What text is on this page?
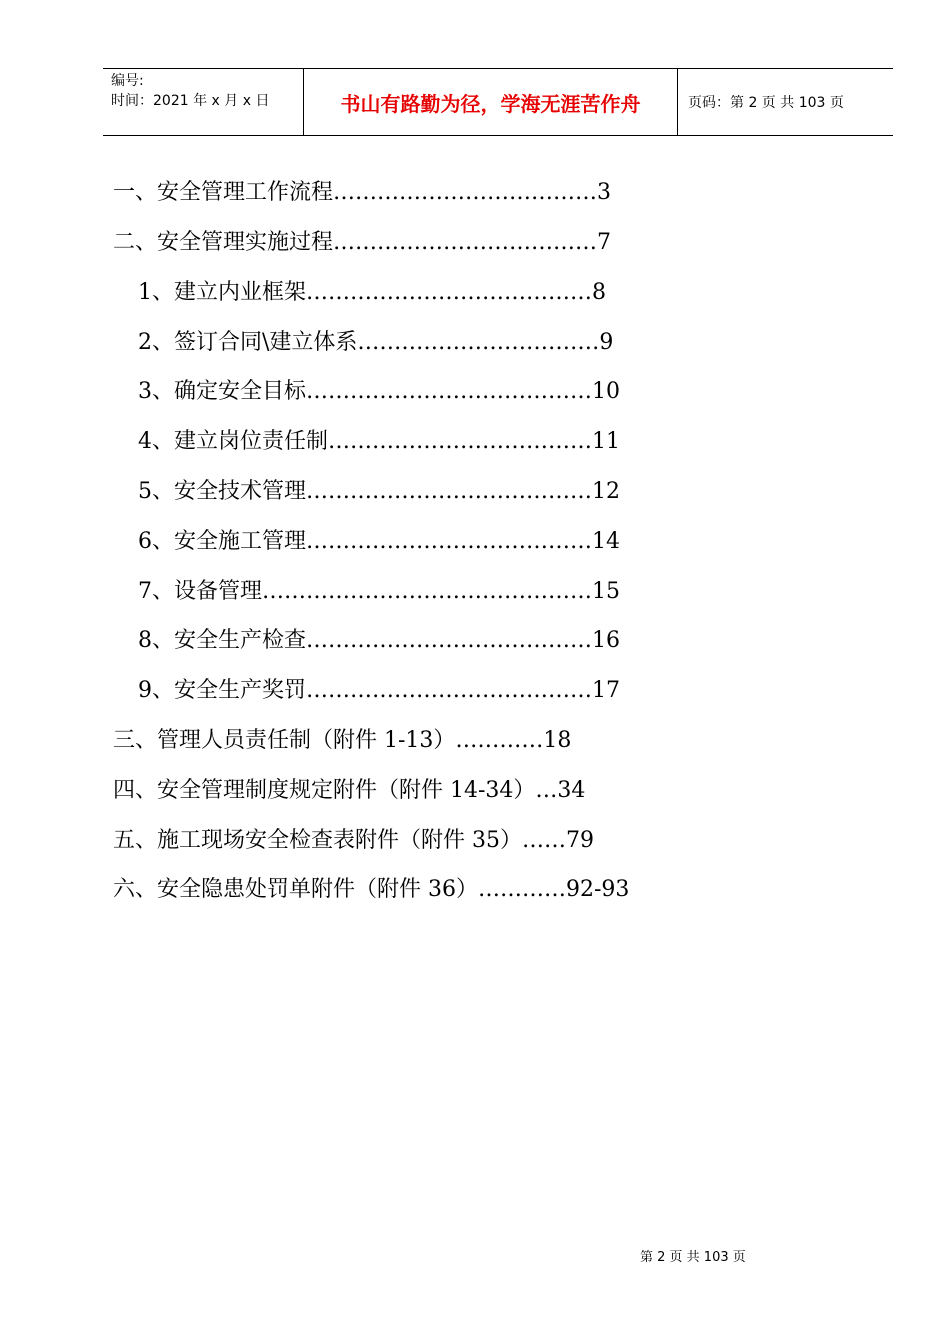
编号:
时间：2021 年 x 月 x 日	书山有路勤为径，学海无涯苦作舟	页码：第 2 页 共 103 页
一、安全管理工作流程………………………………3
二、安全管理实施过程………………………………7
1、建立内业框架…………………………………8
2、签订合同\建立体系……………………………9
3、确定安全目标…………………………………10
4、建立岗位责任制………………………………11
5、安全技术管理…………………………………12
6、安全施工管理…………………………………14
7、设备管理………………………………………15
8、安全生产检查…………………………………16
9、安全生产奖罚…………………………………17
三、管理人员责任制（附件 1-13）…………18
四、安全管理制度规定附件（附件 14-34）…34
五、施工现场安全检查表附件（附件 35）……79
六、安全隐患处罚单附件（附件 36）…………92-93
第 2 页 共 103 页
